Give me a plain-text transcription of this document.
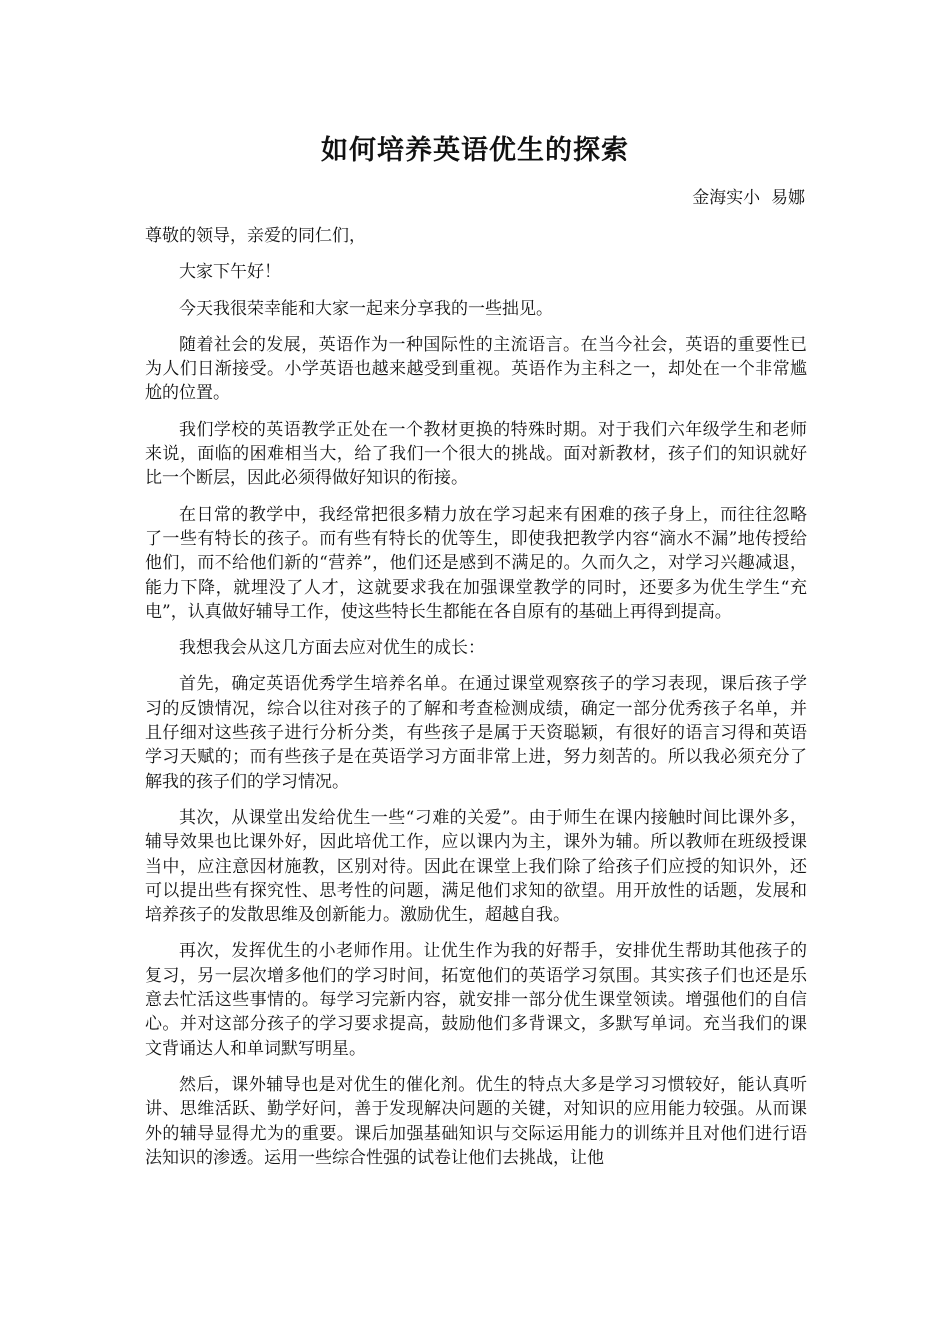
如何培养英语优生的探索
金海实小  易娜

尊敬的领导，亲爱的同仁们，

大家下午好！

今天我很荣幸能和大家一起来分享我的一些拙见。

随着社会的发展，英语作为一种国际性的主流语言。在当今社会，英语的重要性已为人们日渐接受。小学英语也越来越受到重视。英语作为主科之一，却处在一个非常尴尬的位置。

我们学校的英语教学正处在一个教材更换的特殊时期。对于我们六年级学生和老师来说，面临的困难相当大，给了我们一个很大的挑战。面对新教材，孩子们的知识就好比一个断层，因此必须得做好知识的衔接。

在日常的教学中，我经常把很多精力放在学习起来有困难的孩子身上，而往往忽略了一些有特长的孩子。而有些有特长的优等生，即使我把教学内容“滴水不漏”地传授给他们，而不给他们新的“营养”，他们还是感到不满足的。久而久之，对学习兴趣减退，能力下降，就埋没了人才，这就要求我在加强课堂教学的同时，还要多为优生学生“充电”，认真做好辅导工作，使这些特长生都能在各自原有的基础上再得到提高。

我想我会从这几方面去应对优生的成长：

首先，确定英语优秀学生培养名单。在通过课堂观察孩子的学习表现，课后孩子学习的反馈情况，综合以往对孩子的了解和考查检测成绩，确定一部分优秀孩子名单，并且仔细对这些孩子进行分析分类，有些孩子是属于天资聪颖，有很好的语言习得和英语学习天赋的；而有些孩子是在英语学习方面非常上进，努力刻苦的。所以我必须充分了解我的孩子们的学习情况。

其次，从课堂出发给优生一些“刁难的关爱”。由于师生在课内接触时间比课外多，辅导效果也比课外好，因此培优工作，应以课内为主，课外为辅。所以教师在班级授课当中，应注意因材施教，区别对待。因此在课堂上我们除了给孩子们应授的知识外，还可以提出些有探究性、思考性的问题，满足他们求知的欲望。用开放性的话题，发展和培养孩子的发散思维及创新能力。激励优生，超越自我。

再次，发挥优生的小老师作用。让优生作为我的好帮手，安排优生帮助其他孩子的复习，另一层次增多他们的学习时间，拓宽他们的英语学习氛围。其实孩子们也还是乐意去忙活这些事情的。每学习完新内容，就安排一部分优生课堂领读。增强他们的自信心。并对这部分孩子的学习要求提高，鼓励他们多背课文，多默写单词。充当我们的课文背诵达人和单词默写明星。

然后，课外辅导也是对优生的催化剂。优生的特点大多是学习习惯较好，能认真听讲、思维活跃、勤学好问，善于发现解决问题的关键，对知识的应用能力较强。从而课外的辅导显得尤为的重要。课后加强基础知识与交际运用能力的训练并且对他们进行语法知识的渗透。运用一些综合性强的试卷让他们去挑战，让他
